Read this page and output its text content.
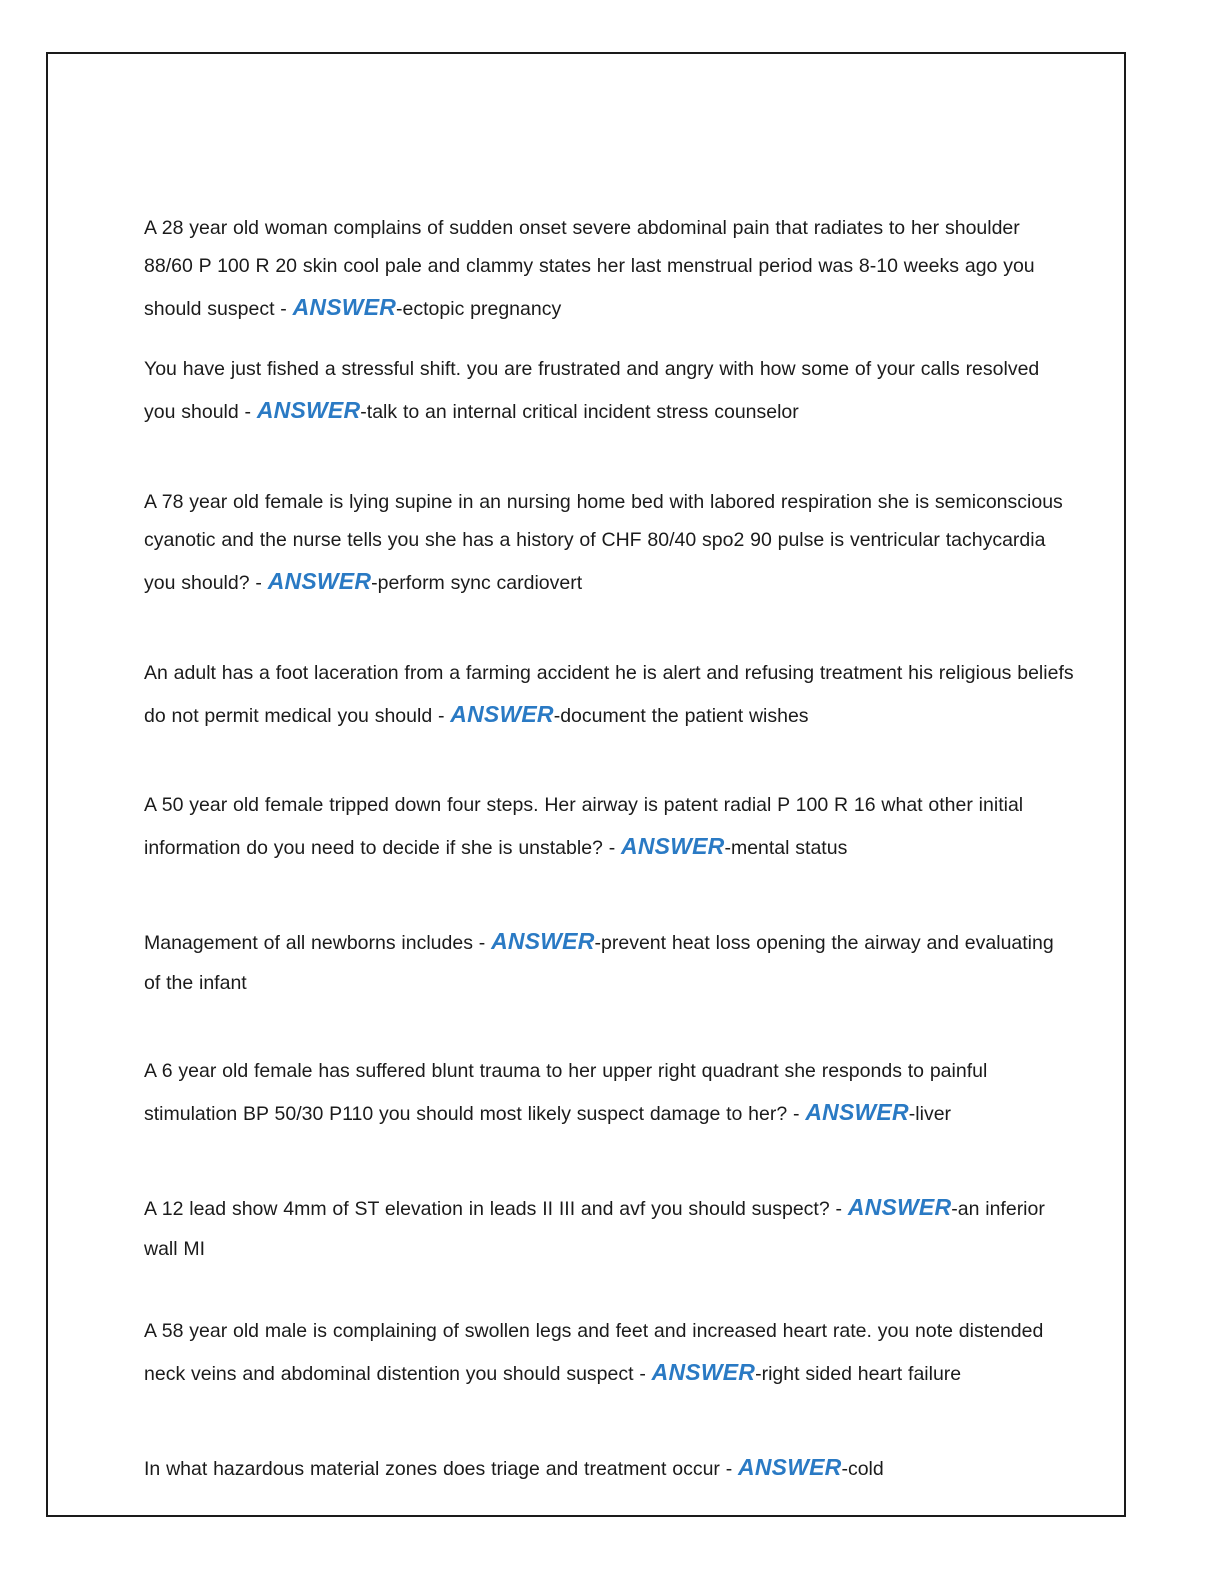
A 28 year old woman complains of sudden onset severe abdominal pain that radiates to her shoulder 88/60 P 100 R 20 skin cool pale and clammy states her last menstrual period was 8-10 weeks ago you should suspect - ANSWER-ectopic pregnancy

You have just fished a stressful shift. you are frustrated and angry with how some of your calls resolved you should - ANSWER-talk to an internal critical incident stress counselor

A 78 year old female is lying supine in an nursing home bed with labored respiration she is semiconscious cyanotic and the nurse tells you she has a history of CHF 80/40 spo2 90 pulse is ventricular tachycardia you should? - ANSWER-perform sync cardiovert

An adult has a foot laceration from a farming accident he is alert and refusing treatment his religious beliefs do not permit medical you should - ANSWER-document the patient wishes

A 50 year old female tripped down four steps. Her airway is patent radial P 100 R 16 what other initial information do you need to decide if she is unstable? - ANSWER-mental status

Management of all newborns includes - ANSWER-prevent heat loss opening the airway and evaluating of the infant

A 6 year old female has suffered blunt trauma to her upper right quadrant she responds to painful stimulation BP 50/30 P110 you should most likely suspect damage to her? - ANSWER-liver

A 12 lead show 4mm of ST elevation in leads II III and avf you should suspect? - ANSWER-an inferior wall MI

A 58 year old male is complaining of swollen legs and feet and increased heart rate. you note distended neck veins and abdominal distention you should suspect - ANSWER-right sided heart failure

In what hazardous material zones does triage and treatment occur - ANSWER-cold
